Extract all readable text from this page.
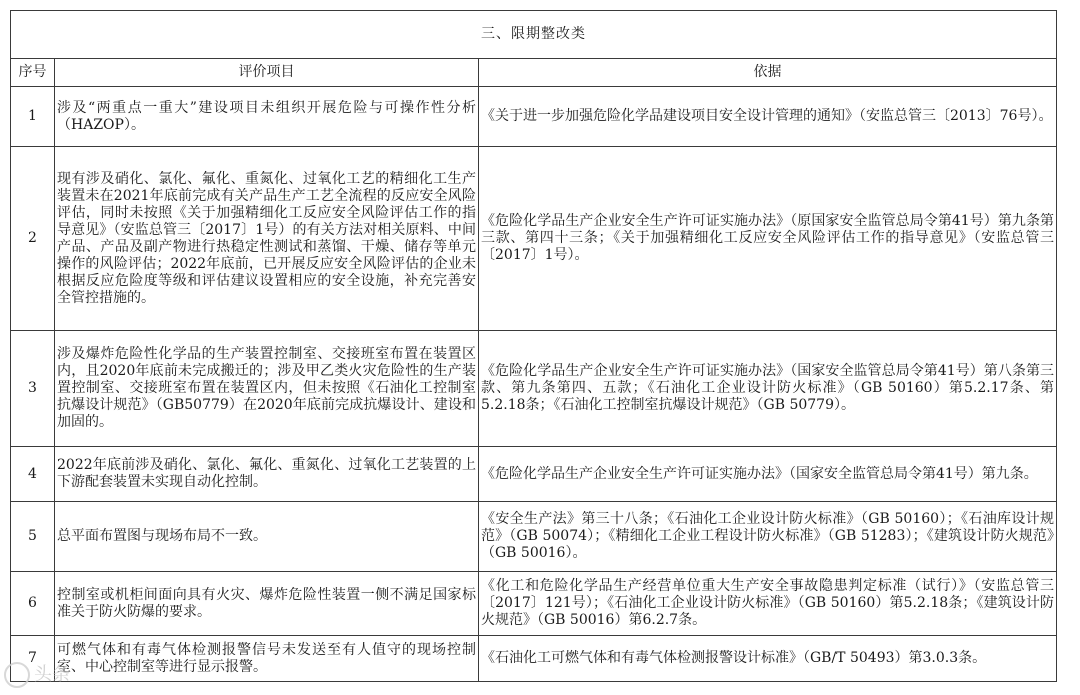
三、限期整改类		
序号	评价项目	依据
1	涉及“两重点一重大”建设项目未组织开展危险与可操作性分析（HAZOP）。	《关于进一步加强危险化学品建设项目安全设计管理的通知》（安监总管三〔2013〕76号）。
2	现有涉及硝化、氯化、氟化、重氮化、过氧化工艺的精细化工生产装置未在2021年底前完成有关产品生产工艺全流程的反应安全风险评估，同时未按照《关于加强精细化工反应安全风险评估工作的指导意见》（安监总管三〔2017〕1号）的有关方法对相关原料、中间产品、产品及副产物进行热稳定性测试和蒸馏、干燥、储存等单元操作的风险评估；2022年底前，已开展反应安全风险评估的企业未根据反应危险度等级和评估建议设置相应的安全设施，补充完善安全管控措施的。	《危险化学品生产企业安全生产许可证实施办法》（原国家安全监管总局令第41号）第九条第三款、第四十三条；《关于加强精细化工反应安全风险评估工作的指导意见》（安监总管三〔2017〕1号）。
3	涉及爆炸危险性化学品的生产装置控制室、交接班室布置在装置区内，且2020年底前未完成搬迁的；涉及甲乙类火灾危险性的生产装置控制室、交接班室布置在装置区内，但未按照《石油化工控制室抗爆设计规范》（GB50779）在2020年底前完成抗爆设计、建设和加固的。	《危险化学品生产企业安全生产许可证实施办法》（国家安全监管总局令第41号）第八条第三款、第九条第四、五款；《石油化工企业设计防火标准》（GB 50160）第5.2.17条、第5.2.18条；《石油化工控制室抗爆设计规范》（GB 50779）。
4	2022年底前涉及硝化、氯化、氟化、重氮化、过氧化工艺装置的上下游配套装置未实现自动化控制。	《危险化学品生产企业安全生产许可证实施办法》（国家安全监管总局令第41号）第九条。
5	总平面布置图与现场布局不一致。	《安全生产法》第三十八条；《石油化工企业设计防火标准》（GB 50160）；《石油库设计规范》（GB 50074）；《精细化工企业工程设计防火标准》（GB 51283）；《建筑设计防火规范》（GB 50016）。
6	控制室或机柜间面向具有火灾、爆炸危险性装置一侧不满足国家标准关于防火防爆的要求。	《化工和危险化学品生产经营单位重大生产安全事故隐患判定标准（试行）》（安监总管三〔2017〕121号）；《石油化工企业设计防火标准》（GB 50160）第5.2.18条；《建筑设计防火规范》（GB 50016）第6.2.7条。
7	可燃气体和有毒气体检测报警信号未发送至有人值守的现场控制室、中心控制室等进行显示报警。	《石油化工可燃气体和有毒气体检测报警设计标准》（GB/T 50493）第3.0.3条。
头条
